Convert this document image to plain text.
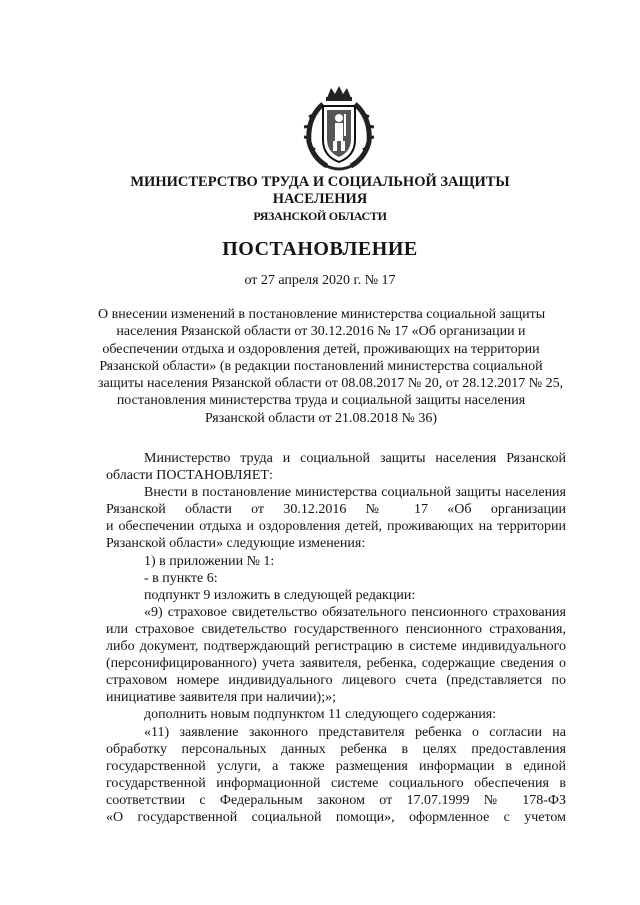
МИНИСТЕРСТВО ТРУДА И СОЦИАЛЬНОЙ ЗАЩИТЫ
НАСЕЛЕНИЯ
РЯЗАНСКОЙ ОБЛАСТИ
ПОСТАНОВЛЕНИЕ
от 27 апреля 2020 г. № 17
О внесении изменений в постановление министерства социальной защиты
населения Рязанской области от 30.12.2016 № 17 «Об организации и
обеспечении отдыха и оздоровления детей, проживающих на территории
Рязанской области» (в редакции постановлений министерства социальной
защиты населения Рязанской области от 08.08.2017 № 20, от 28.12.2017 № 25,
постановления министерства труда и социальной защиты населения
Рязанской области от 21.08.2018 № 36)
Министерство труда и социальной защиты населения Рязанской
области ПОСТАНОВЛЯЕТ:
Внести в постановление министерства социальной защиты населения
Рязанской области от 30.12.2016 № 17 «Об организации
и обеспечении отдыха и оздоровления детей, проживающих на территории
Рязанской области» следующие изменения:
1) в приложении № 1:
- в пункте 6:
подпункт 9 изложить в следующей редакции:
«9) страховое свидетельство обязательного пенсионного страхования
или страховое свидетельство государственного пенсионного страхования,
либо документ, подтверждающий регистрацию в системе индивидуального
(персонифицированного) учета заявителя, ребенка, содержащие сведения о
страховом номере индивидуального лицевого счета (представляется по
инициативе заявителя при наличии);»;
дополнить новым подпунктом 11 следующего содержания:
«11) заявление законного представителя ребенка о согласии на
обработку персональных данных ребенка в целях предоставления
государственной услуги, а также размещения информации в единой
государственной информационной системе социального обеспечения в
соответствии с Федеральным законом от 17.07.1999 № 178-ФЗ
«О государственной социальной помощи», оформленное с учетом
